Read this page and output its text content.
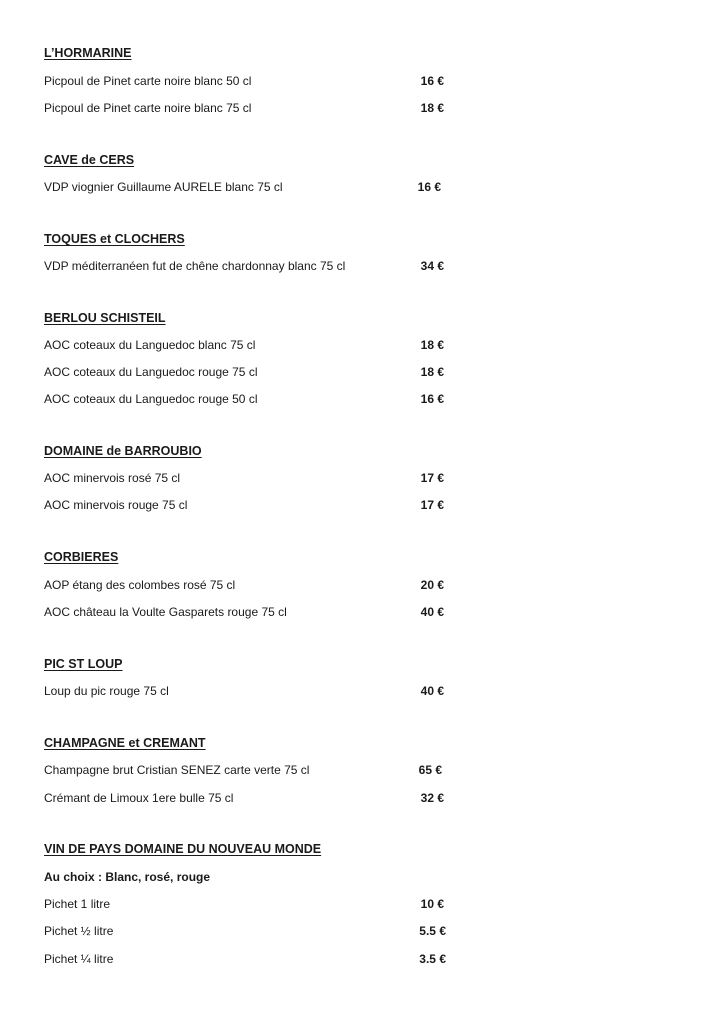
L’HORMARINE
Picpoul de Pinet carte noire blanc 50 cl	16 €
Picpoul de Pinet carte noire blanc 75 cl	18 €
CAVE de CERS
VDP viognier Guillaume AURELE blanc 75 cl	16 €
TOQUES et CLOCHERS
VDP méditerranéen fut de chêne chardonnay blanc 75 cl	34 €
BERLOU SCHISTEIL
AOC coteaux du Languedoc blanc 75 cl	18 €
AOC coteaux du Languedoc rouge 75 cl	18 €
AOC coteaux du Languedoc rouge 50 cl	16 €
DOMAINE de BARROUBIO
AOC minervois rosé 75 cl	17 €
AOC minervois rouge 75 cl	17 €
CORBIERES
AOP étang des colombes rosé 75 cl	20 €
AOC château la Voulte Gasparets rouge 75 cl	40 €
PIC ST LOUP
Loup du pic rouge 75 cl	40 €
CHAMPAGNE et CREMANT
Champagne brut Cristian SENEZ carte verte 75 cl	65 €
Crémant de Limoux 1ere bulle 75 cl	32 €
VIN DE PAYS DOMAINE DU NOUVEAU MONDE
Au choix : Blanc, rosé, rouge
Pichet 1 litre	10 €
Pichet ½ litre	5.5 €
Pichet ¼ litre	3.5 €
